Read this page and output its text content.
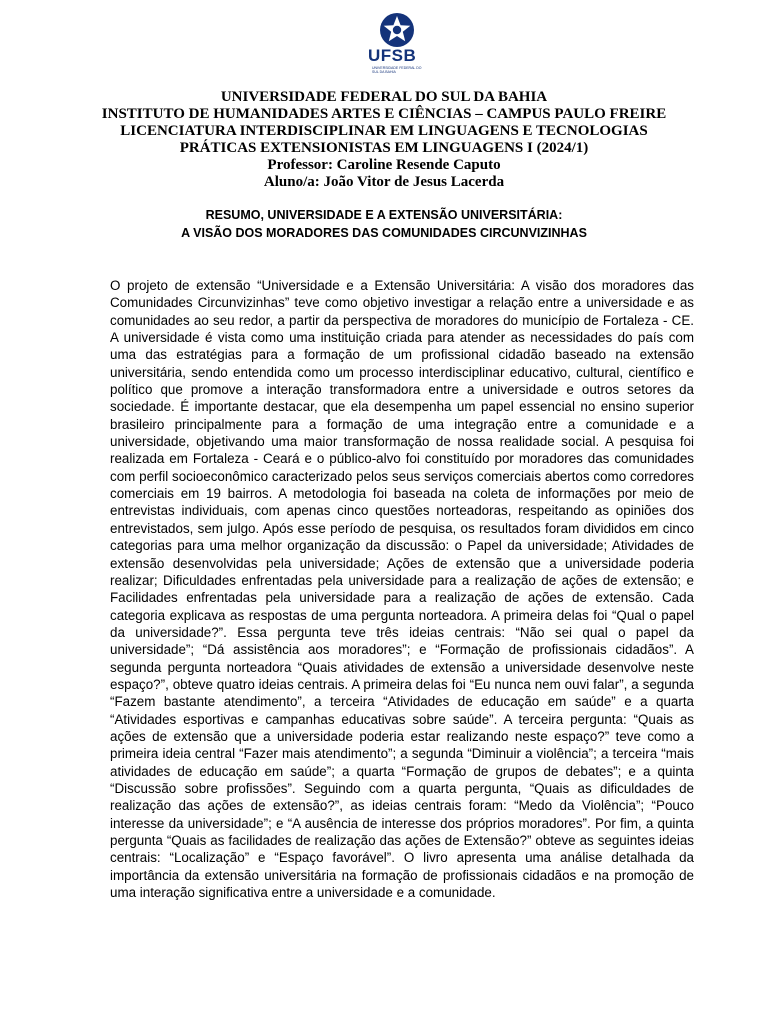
UFSB
UNIVERSIDADE FEDERAL DO SUL DA BAHIA
UNIVERSIDADE FEDERAL DO SUL DA BAHIA
INSTITUTO DE HUMANIDADES ARTES E CIÊNCIAS – CAMPUS PAULO FREIRE
LICENCIATURA INTERDISCIPLINAR EM LINGUAGENS E TECNOLOGIAS
PRÁTICAS EXTENSIONISTAS EM LINGUAGENS I (2024/1)
Professor: Caroline Resende Caputo
Aluno/a: João Vitor de Jesus Lacerda
RESUMO, UNIVERSIDADE E A EXTENSÃO UNIVERSITÁRIA:
A VISÃO DOS MORADORES DAS COMUNIDADES CIRCUNVIZINHAS
O projeto de extensão “Universidade e a Extensão Universitária: A visão dos moradores das Comunidades Circunvizinhas” teve como objetivo investigar a relação entre a universidade e as comunidades ao seu redor, a partir da perspectiva de moradores do município de Fortaleza - CE. A universidade é vista como uma instituição criada para atender as necessidades do país com uma das estratégias para a formação de um profissional cidadão baseado na extensão universitária, sendo entendida como um processo interdisciplinar educativo, cultural, científico e político que promove a interação transformadora entre a universidade e outros setores da sociedade. É importante destacar, que ela desempenha um papel essencial no ensino superior brasileiro principalmente para a formação de uma integração entre a comunidade e a universidade, objetivando uma maior transformação de nossa realidade social. A pesquisa foi realizada em Fortaleza - Ceará e o público-alvo foi constituído por moradores das comunidades com perfil socioeconômico caracterizado pelos seus serviços comerciais abertos como corredores comerciais em 19 bairros. A metodologia foi baseada na coleta de informações por meio de entrevistas individuais, com apenas cinco questões norteadoras, respeitando as opiniões dos entrevistados, sem julgo. Após esse período de pesquisa, os resultados foram divididos em cinco categorias para uma melhor organização da discussão: o Papel da universidade; Atividades de extensão desenvolvidas pela universidade; Ações de extensão que a universidade poderia realizar; Dificuldades enfrentadas pela universidade para a realização de ações de extensão; e Facilidades enfrentadas pela universidade para a realização de ações de extensão. Cada categoria explicava as respostas de uma pergunta norteadora. A primeira delas foi “Qual o papel da universidade?”. Essa pergunta teve três ideias centrais: “Não sei qual o papel da universidade”; “Dá assistência aos moradores”; e “Formação de profissionais cidadãos”. A segunda pergunta norteadora “Quais atividades de extensão a universidade desenvolve neste espaço?”, obteve quatro ideias centrais. A primeira delas foi “Eu nunca nem ouvi falar”, a segunda “Fazem bastante atendimento”, a terceira “Atividades de educação em saúde” e a quarta “Atividades esportivas e campanhas educativas sobre saúde”. A terceira pergunta: “Quais as ações de extensão que a universidade poderia estar realizando neste espaço?” teve como a primeira ideia central “Fazer mais atendimento”; a segunda “Diminuir a violência”; a terceira “mais atividades de educação em saúde”; a quarta “Formação de grupos de debates”; e a quinta “Discussão sobre profissões”. Seguindo com a quarta pergunta, “Quais as dificuldades de realização das ações de extensão?”, as ideias centrais foram: “Medo da Violência”; “Pouco interesse da universidade”; e “A ausência de interesse dos próprios moradores”. Por fim, a quinta pergunta “Quais as facilidades de realização das ações de Extensão?” obteve as seguintes ideias centrais: “Localização” e “Espaço favorável”. O livro apresenta uma análise detalhada da importância da extensão universitária na formação de profissionais cidadãos e na promoção de uma interação significativa entre a universidade e a comunidade.
